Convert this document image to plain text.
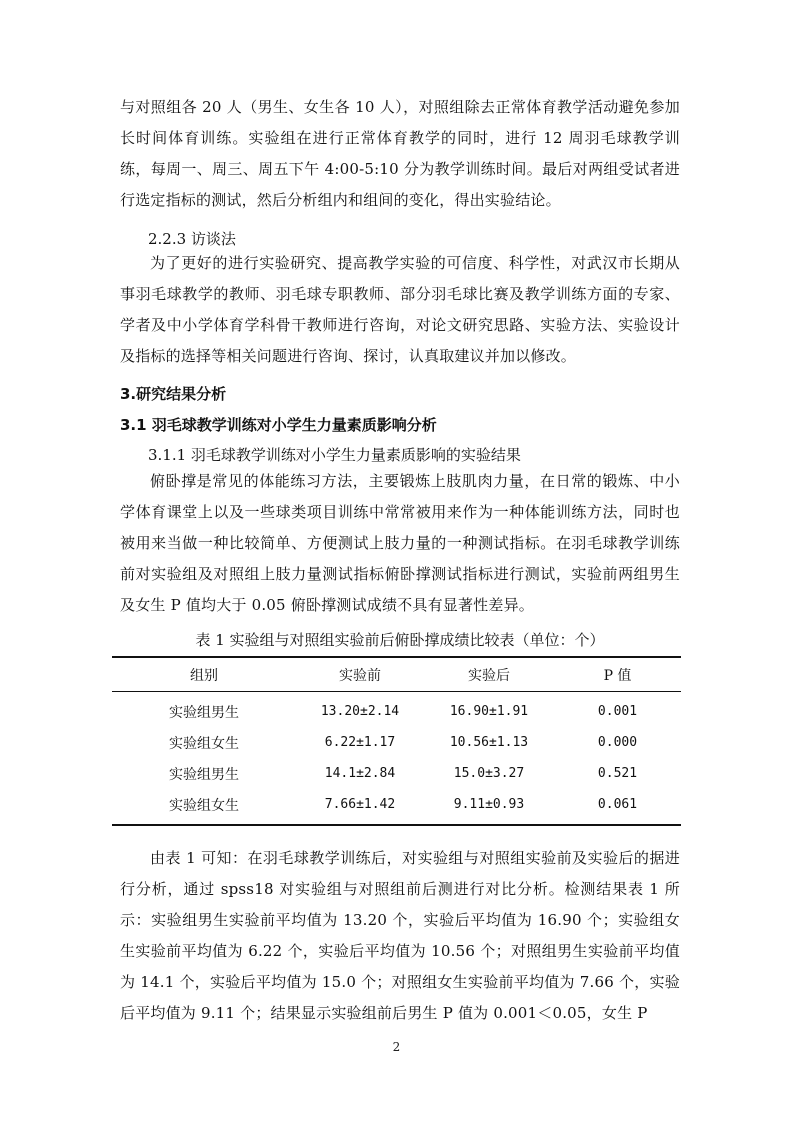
与对照组各 20 人（男生、女生各 10 人），对照组除去正常体育教学活动避免参加长时间体育训练。实验组在进行正常体育教学的同时，进行 12 周羽毛球教学训练，每周一、周三、周五下午 4:00-5:10 分为教学训练时间。最后对两组受试者进行选定指标的测试，然后分析组内和组间的变化，得出实验结论。

2.2.3 访谈法

为了更好的进行实验研究、提高教学实验的可信度、科学性，对武汉市长期从事羽毛球教学的教师、羽毛球专职教师、部分羽毛球比赛及教学训练方面的专家、学者及中小学体育学科骨干教师进行咨询，对论文研究思路、实验方法、实验设计及指标的选择等相关问题进行咨询、探讨，认真取建议并加以修改。

3.研究结果分析

3.1 羽毛球教学训练对小学生力量素质影响分析

3.1.1 羽毛球教学训练对小学生力量素质影响的实验结果

俯卧撑是常见的体能练习方法，主要锻炼上肢肌肉力量，在日常的锻炼、中小学体育课堂上以及一些球类项目训练中常常被用来作为一种体能训练方法，同时也被用来当做一种比较简单、方便测试上肢力量的一种测试指标。在羽毛球教学训练前对实验组及对照组上肢力量测试指标俯卧撑测试指标进行测试，实验前两组男生及女生 P 值均大于 0.05 俯卧撑测试成绩不具有显著性差异。

表 1 实验组与对照组实验前后俯卧撑成绩比较表（单位：个）

组别	实验前	实验后	P 值
实验组男生	13.20±2.14	16.90±1.91	0.001
实验组女生	6.22±1.17	10.56±1.13	0.000
实验组男生	14.1±2.84	15.0±3.27	0.521
实验组女生	7.66±1.42	9.11±0.93	0.061

由表 1 可知：在羽毛球教学训练后，对实验组与对照组实验前及实验后的据进行分析，通过 spss18 对实验组与对照组前后测进行对比分析。检测结果表 1 所示：实验组男生实验前平均值为 13.20 个，实验后平均值为 16.90 个；实验组女生实验前平均值为 6.22 个，实验后平均值为 10.56 个；对照组男生实验前平均值为 14.1 个，实验后平均值为 15.0 个；对照组女生实验前平均值为 7.66 个，实验后平均值为 9.11 个；结果显示实验组前后男生 P 值为 0.001＜0.05，女生 P

2
